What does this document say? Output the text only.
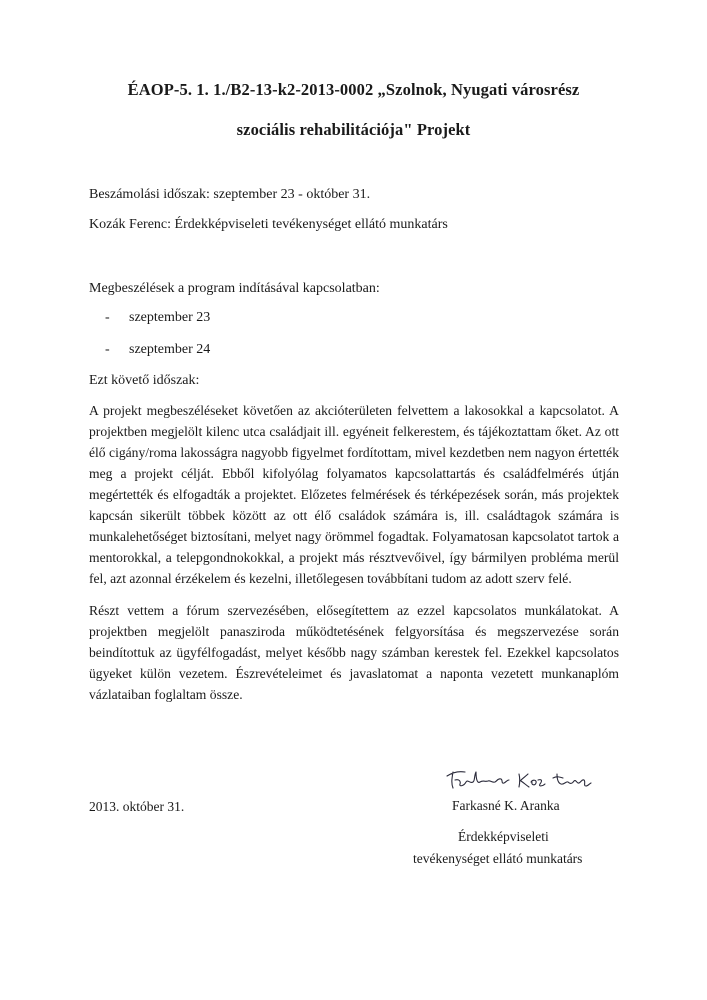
ÉAOP-5. 1. 1./B2-13-k2-2013-0002 „Szolnok, Nyugati városrész
szociális rehabilitációja" Projekt
Beszámolási időszak: szeptember 23 - október 31.
Kozák Ferenc: Érdekképviseleti tevékenységet ellátó munkatárs
Megbeszélések a program indításával kapcsolatban:
- szeptember 23
- szeptember 24
Ezt követő időszak:

A projekt megbeszéléseket követően az akcióterületen felvettem a lakosokkal a kapcsolatot. A projektben megjelölt kilenc utca családjait ill. egyéneit felkerestem, és tájékoztattam őket. Az ott élő cigány/roma lakosságra nagyobb figyelmet fordítottam, mivel kezdetben nem nagyon értették meg a projekt célját. Ebből kifolyólag folyamatos kapcsolattartás és családfelmérés útján megértették és elfogadták a projektet. Előzetes felmérések és térképezések során, más projektek kapcsán sikerült többek között az ott élő családok számára is, ill. családtagok számára is munkalehetőséget biztosítani, melyet nagy örömmel fogadtak. Folyamatosan kapcsolatot tartok a mentorokkal, a telepgondnokokkal, a projekt más résztvevőivel, így bármilyen probléma merül fel, azt azonnal érzékelem és kezelni, illetőlegesen továbbítani tudom az adott szerv felé.

Részt vettem a fórum szervezésében, elősegítettem az ezzel kapcsolatos munkálatokat. A projektben megjelölt panasziroda működtetésének felgyorsítása és megszervezése során beindítottuk az ügyfélfogadást, melyet később nagy számban kerestek fel. Ezekkel kapcsolatos ügyeket külön vezetem. Észrevételeimet és javaslatomat a naponta vezetett munkanaplóm vázlataiban foglaltam össze.

2013. október 31.	Farkasné K. Aranka
Érdekképviseleti
tevékenységet ellátó munkatárs
